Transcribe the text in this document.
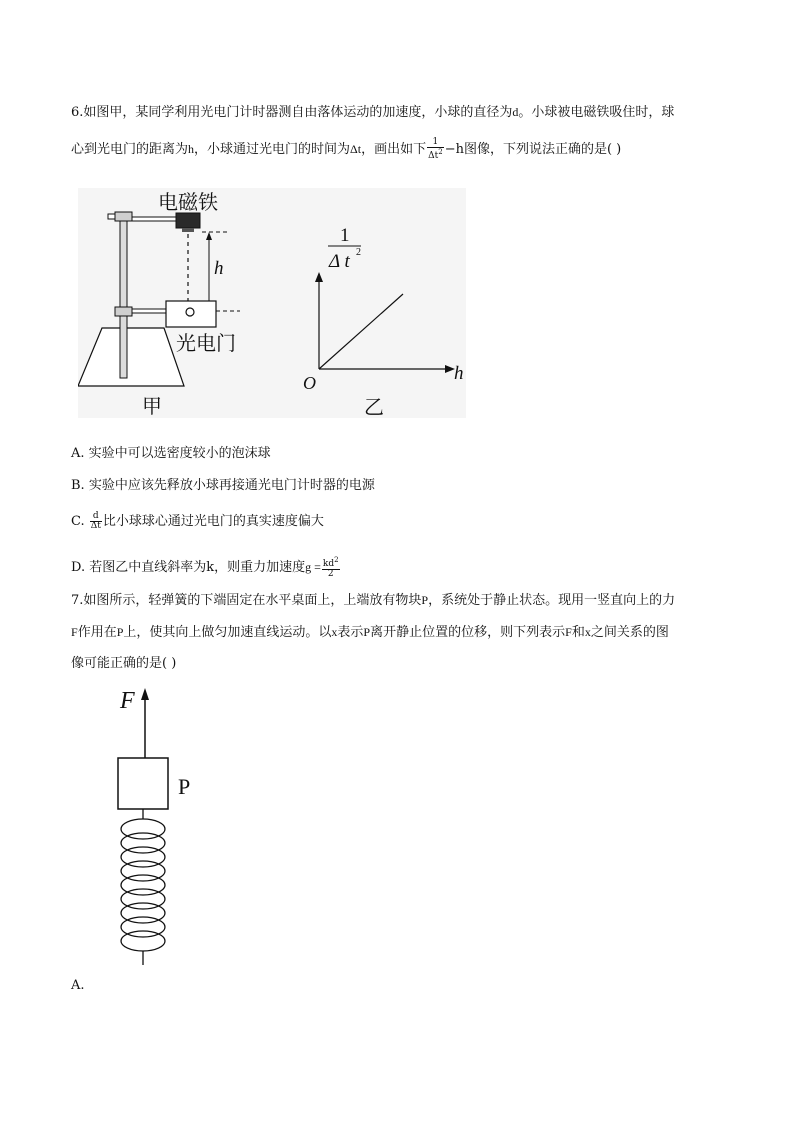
6.如图甲，某同学利用光电门计时器测自由落体运动的加速度，小球的直径为d。小球被电磁铁吸住时，球
心到光电门的距离为h，小球通过光电门的时间为Δt，画出如下 $\frac{1}{\Delta t^2} -h$图像，下列说法正确的是( )
电磁铁
h
光电门
甲
1
Δ t 2
O	h
乙
A. 实验中可以选密度较小的泡沫球
B. 实验中应该先释放小球再接通光电门计时器的电源
C. $\frac{d}{\Delta t}$ 比小球球心通过光电门的真实速度偏大
D. 若图乙中直线斜率为k，则重力加速度$g = \frac{kd^2}{2}$
7.如图所示，轻弹簧的下端固定在水平桌面上，上端放有物块P，系统处于静止状态。现用一竖直向上的力
F作用在P上，使其向上做匀加速直线运动。以x表示P离开静止位置的位移，则下列表示F和x之间关系的图
像可能正确的是( )
F
P
A.
